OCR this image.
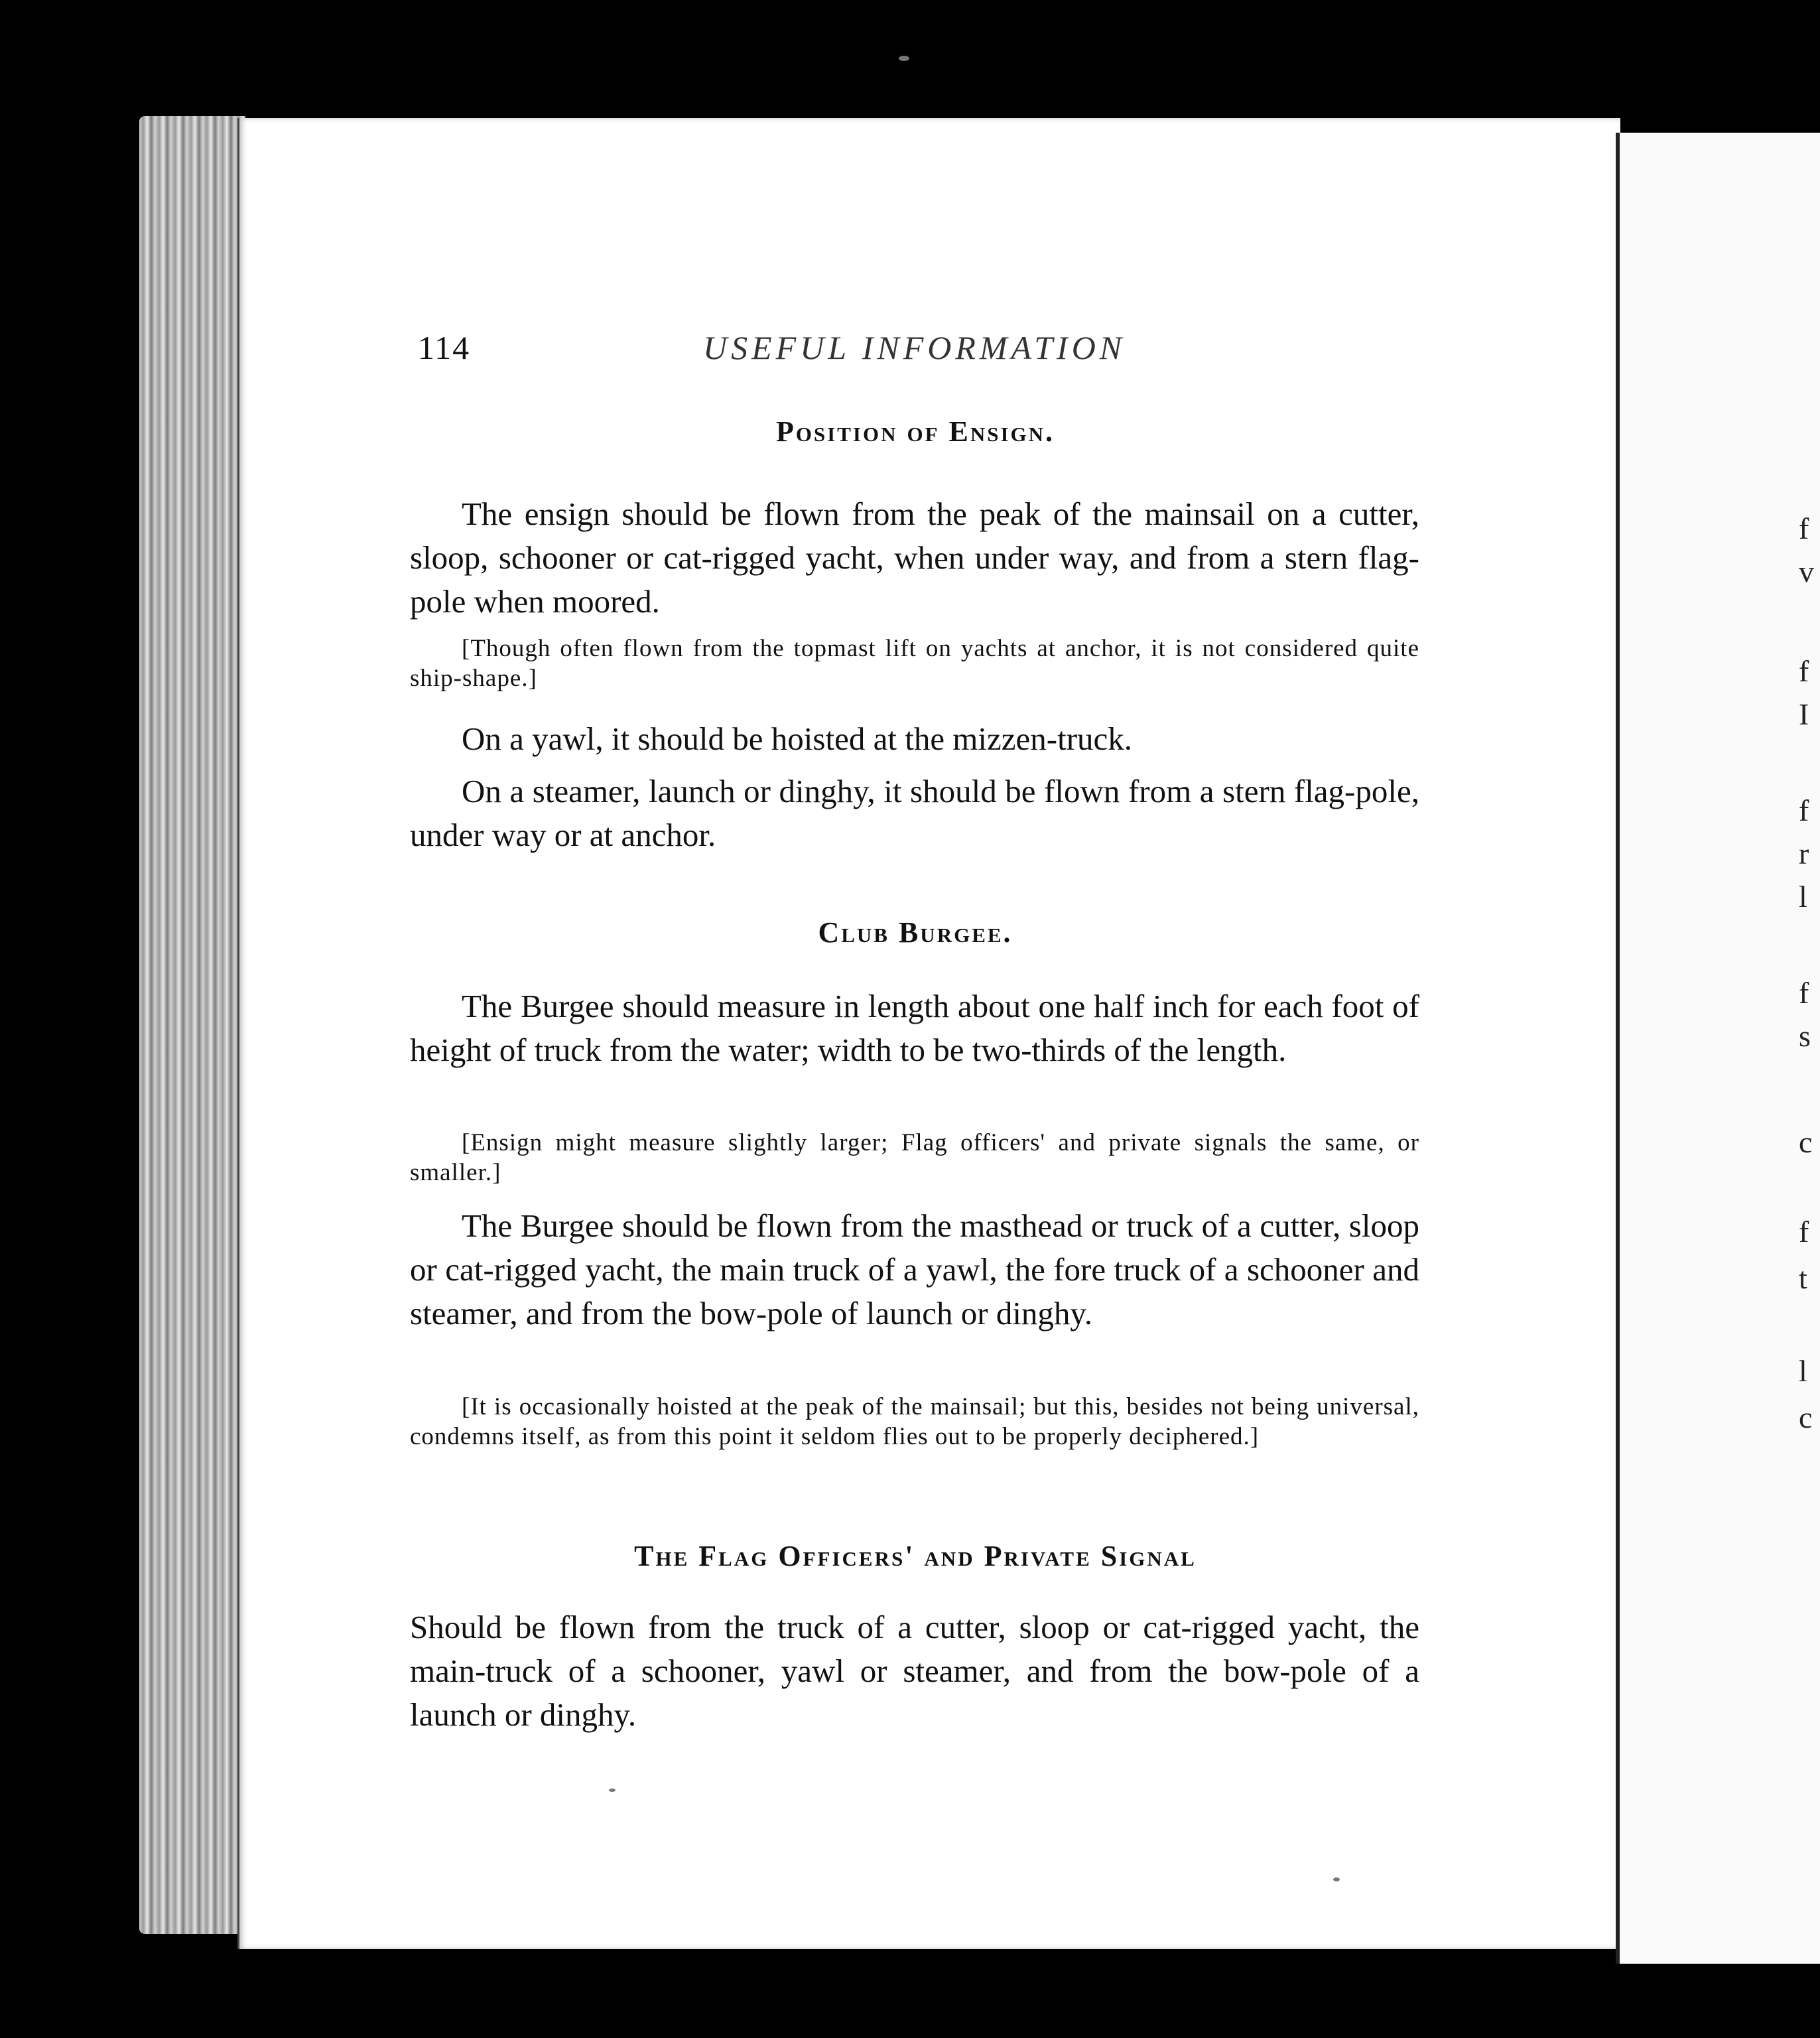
f
v
f
I
f
r
l
f
s
c
f
t
l
c
114	USEFUL INFORMATION
Position of Ensign.

The ensign should be flown from the peak of the mainsail on a cutter, sloop, schooner or cat-rigged yacht, when under way, and from a stern flag-pole when moored.

[Though often flown from the topmast lift on yachts at anchor, it is not considered quite ship-shape.]

On a yawl, it should be hoisted at the mizzen-truck.

On a steamer, launch or dinghy, it should be flown from a stern flag-pole, under way or at anchor.

Club Burgee.

The Burgee should measure in length about one half inch for each foot of height of truck from the water; width to be two-thirds of the length.

[Ensign might measure slightly larger; Flag officers' and private signals the same, or smaller.]

The Burgee should be flown from the masthead or truck of a cutter, sloop or cat-rigged yacht, the main truck of a yawl, the fore truck of a schooner and steamer, and from the bow-pole of launch or dinghy.

[It is occasionally hoisted at the peak of the mainsail; but this, besides not being universal, condemns itself, as from this point it seldom flies out to be properly deciphered.]

The Flag Officers' and Private Signal

Should be flown from the truck of a cutter, sloop or cat-rigged yacht, the main-truck of a schooner, yawl or steamer, and from the bow-pole of a launch or dinghy.
